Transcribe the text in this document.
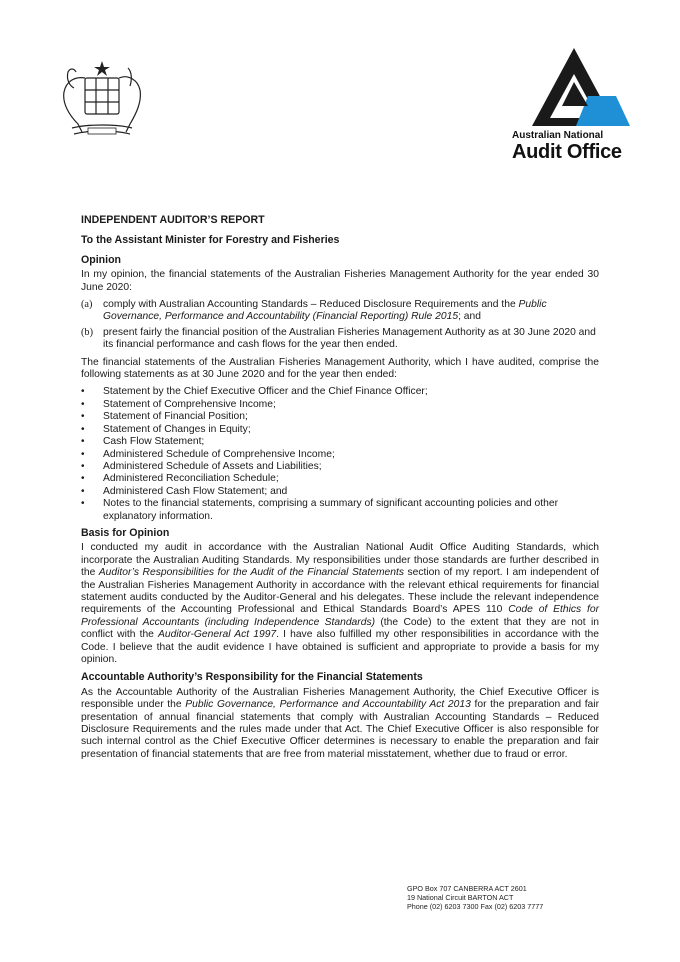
Australian National
Audit Office
INDEPENDENT AUDITOR’S REPORT
To the Assistant Minister for Forestry and Fisheries
Opinion

In my opinion, the financial statements of the Australian Fisheries Management Authority for the year ended 30 June 2020:

(a)	comply with Australian Accounting Standards – Reduced Disclosure Requirements and the Public Governance, Performance and Accountability (Financial Reporting) Rule 2015; and
(b) present fairly the financial position of the Australian Fisheries Management Authority as at 30 June 2020 and its financial performance and cash flows for the year then ended.

The financial statements of the Australian Fisheries Management Authority, which I have audited, comprise the following statements as at 30 June 2020 and for the year then ended:

•	Statement by the Chief Executive Officer and the Chief Finance Officer;
•	Statement of Comprehensive Income;
•	Statement of Financial Position;
•	Statement of Changes in Equity;
•	Cash Flow Statement;
•	Administered Schedule of Comprehensive Income;
•	Administered Schedule of Assets and Liabilities;
•	Administered Reconciliation Schedule;
•	Administered Cash Flow Statement; and
•	Notes to the financial statements, comprising a summary of significant accounting policies and other explanatory information.
Basis for Opinion

I conducted my audit in accordance with the Australian National Audit Office Auditing Standards, which incorporate the Australian Auditing Standards. My responsibilities under those standards are further described in the Auditor’s Responsibilities for the Audit of the Financial Statements section of my report. I am independent of the Australian Fisheries Management Authority in accordance with the relevant ethical requirements for financial statement audits conducted by the Auditor-General and his delegates. These include the relevant independence requirements of the Accounting Professional and Ethical Standards Board’s APES 110 Code of Ethics for Professional Accountants (including Independence Standards) (the Code) to the extent that they are not in conflict with the Auditor-General Act 1997. I have also fulfilled my other responsibilities in accordance with the Code. I believe that the audit evidence I have obtained is sufficient and appropriate to provide a basis for my opinion.

Accountable Authority’s Responsibility for the Financial Statements

As the Accountable Authority of the Australian Fisheries Management Authority, the Chief Executive Officer is responsible under the Public Governance, Performance and Accountability Act 2013 for the preparation and fair presentation of annual financial statements that comply with Australian Accounting Standards – Reduced Disclosure Requirements and the rules made under that Act. The Chief Executive Officer is also responsible for such internal control as the Chief Executive Officer determines is necessary to enable the preparation and fair presentation of financial statements that are free from material misstatement, whether due to fraud or error.

GPO Box 707 CANBERRA ACT 2601
19 National Circuit BARTON ACT
Phone (02) 6203 7300 Fax (02) 6203 7777
